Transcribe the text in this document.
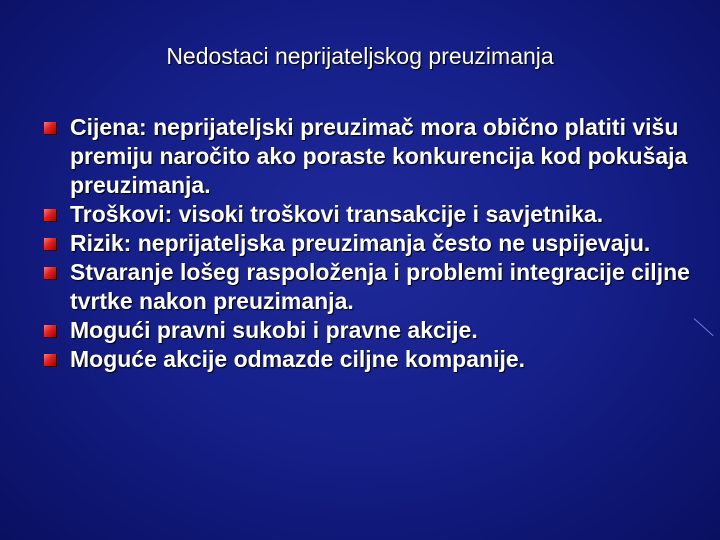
Nedostaci neprijateljskog preuzimanja
Cijena: neprijateljski preuzimač mora obično platiti višu premiju naročito ako poraste konkurencija kod pokušaja preuzimanja.
Troškovi: visoki troškovi transakcije i savjetnika.
Rizik: neprijateljska preuzimanja često ne uspijevaju.
Stvaranje lošeg raspoloženja i problemi integracije ciljne tvrtke nakon preuzimanja.
Mogući pravni sukobi i pravne akcije.
Moguće akcije odmazde ciljne kompanije.
